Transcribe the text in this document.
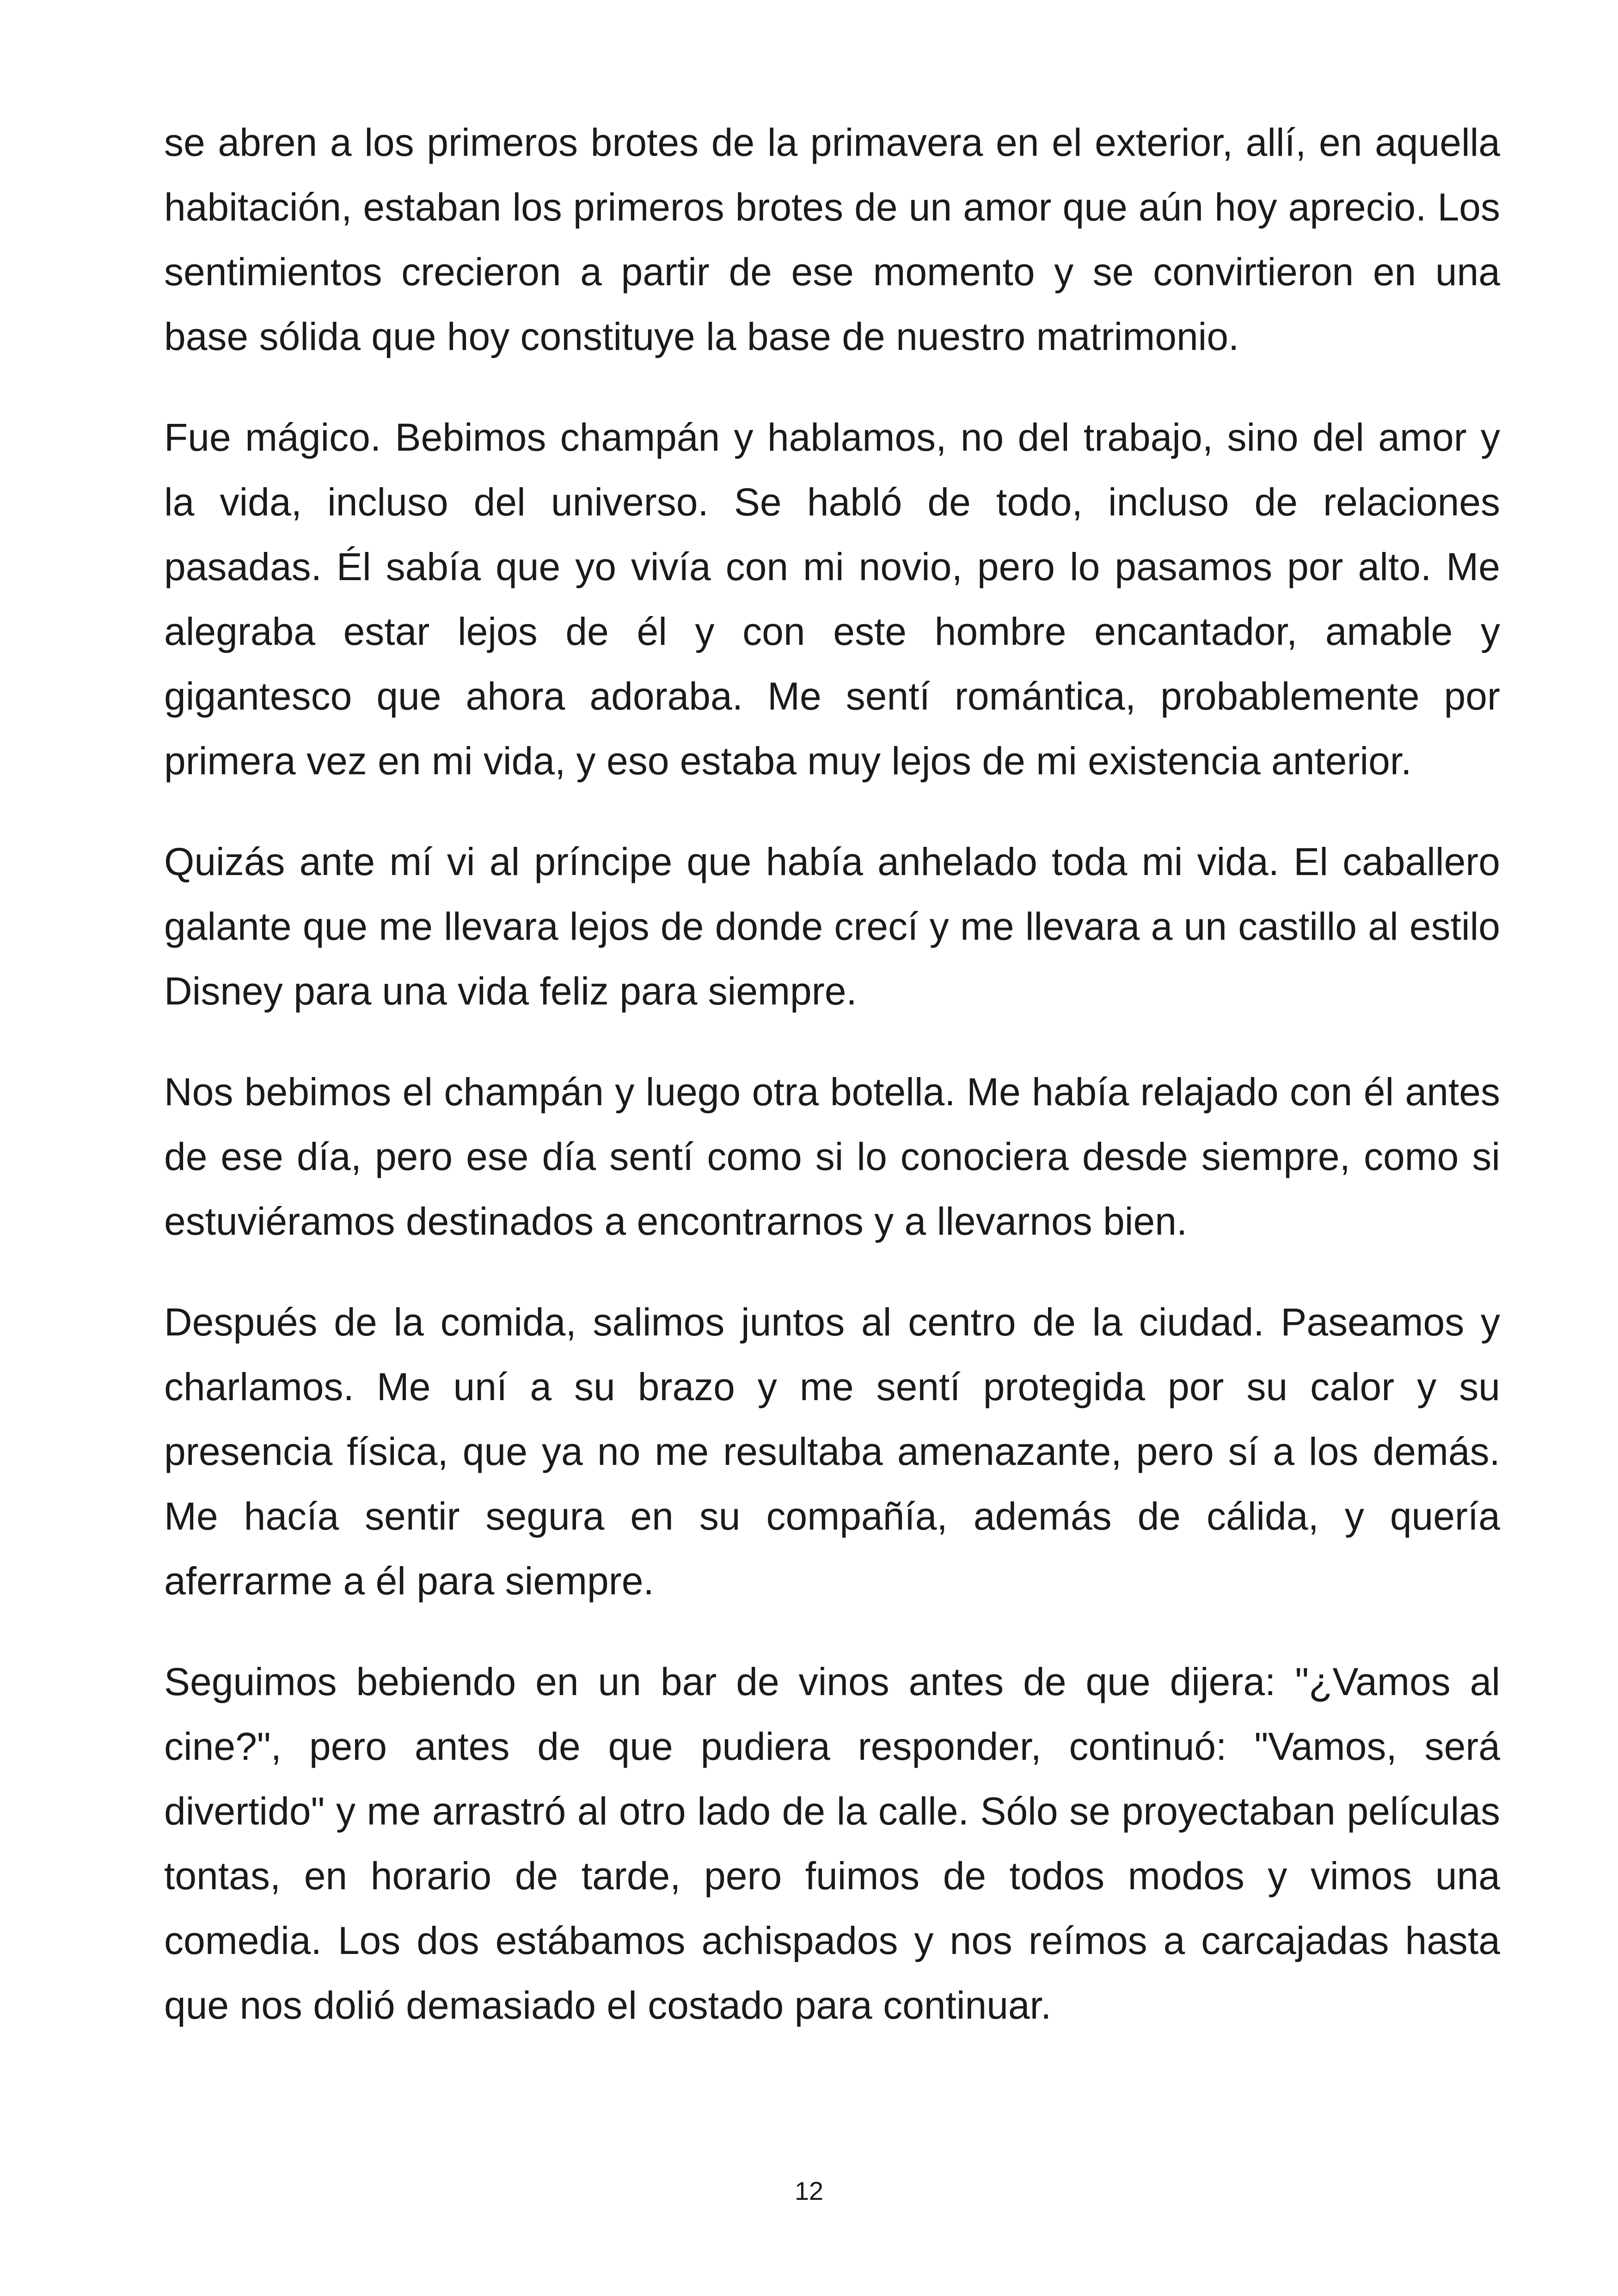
se abren a los primeros brotes de la primavera en el exterior, allí, en aquella habitación, estaban los primeros brotes de un amor que aún hoy aprecio. Los sentimientos crecieron a partir de ese momento y se convirtieron en una base sólida que hoy constituye la base de nuestro matrimonio.

Fue mágico. Bebimos champán y hablamos, no del trabajo, sino del amor y la vida, incluso del universo. Se habló de todo, incluso de relaciones pasadas. Él sabía que yo vivía con mi novio, pero lo pasamos por alto. Me alegraba estar lejos de él y con este hombre encantador, amable y gigantesco que ahora adoraba. Me sentí romántica, probablemente por primera vez en mi vida, y eso estaba muy lejos de mi existencia anterior.

Quizás ante mí vi al príncipe que había anhelado toda mi vida. El caballero galante que me llevara lejos de donde crecí y me llevara a un castillo al estilo Disney para una vida feliz para siempre.

Nos bebimos el champán y luego otra botella. Me había relajado con él antes de ese día, pero ese día sentí como si lo conociera desde siempre, como si estuviéramos destinados a encontrarnos y a llevarnos bien.

Después de la comida, salimos juntos al centro de la ciudad. Paseamos y charlamos. Me uní a su brazo y me sentí protegida por su calor y su presencia física, que ya no me resultaba amenazante, pero sí a los demás. Me hacía sentir segura en su compañía, además de cálida, y quería aferrarme a él para siempre.

Seguimos bebiendo en un bar de vinos antes de que dijera: "¿Vamos al cine?", pero antes de que pudiera responder, continuó: "Vamos, será divertido" y me arrastró al otro lado de la calle. Sólo se proyectaban películas tontas, en horario de tarde, pero fuimos de todos modos y vimos una comedia. Los dos estábamos achispados y nos reímos a carcajadas hasta que nos dolió demasiado el costado para continuar.

12
